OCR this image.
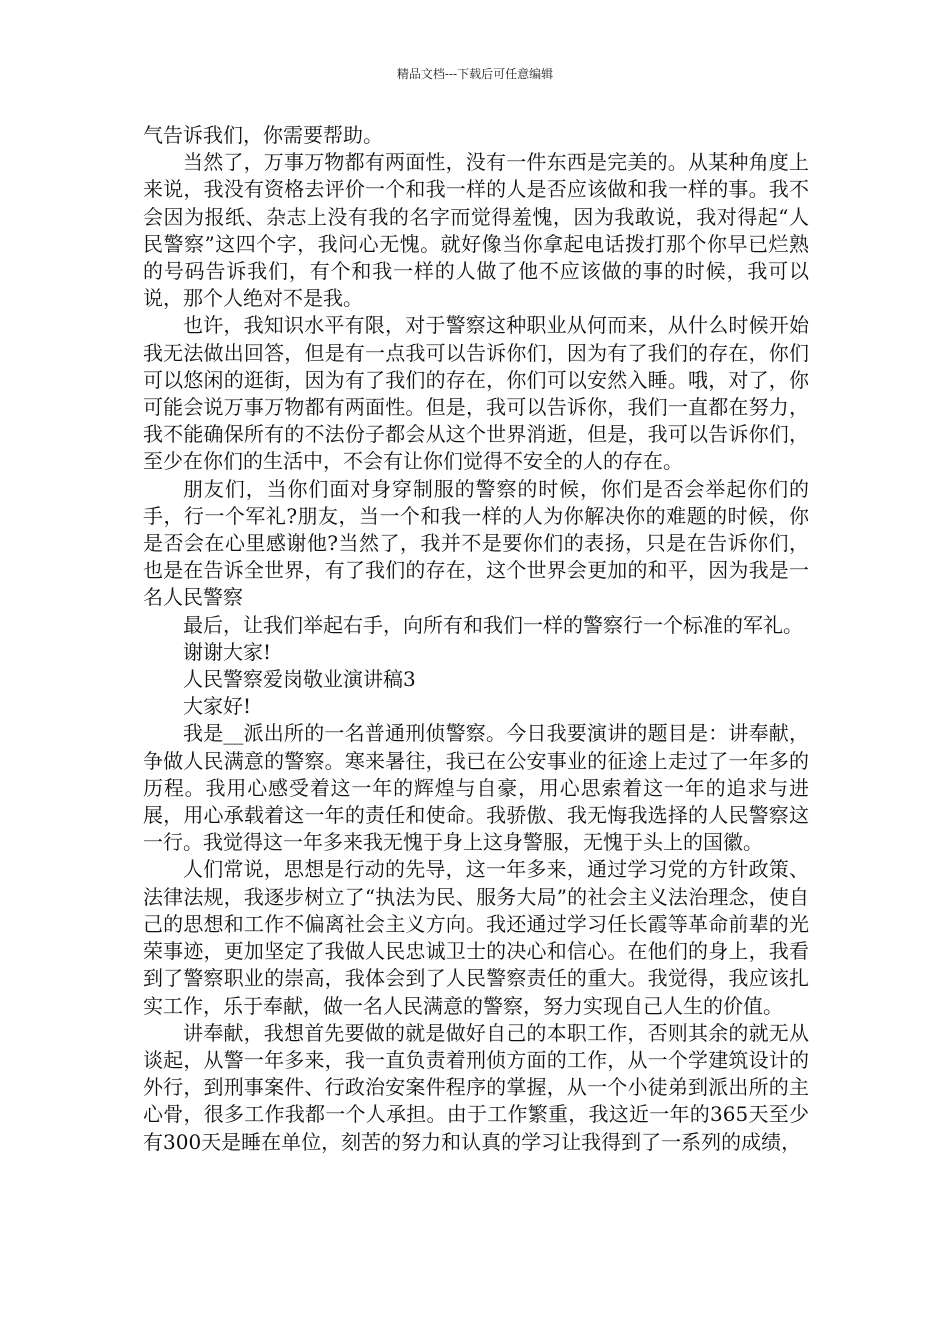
精品文档---下载后可任意编辑

气告诉我们，你需要帮助。

当然了，万事万物都有两面性，没有一件东西是完美的。从某种角度上来说，我没有资格去评价一个和我一样的人是否应该做和我一样的事。我不会因为报纸、杂志上没有我的名字而觉得羞愧，因为我敢说，我对得起“人民警察”这四个字，我问心无愧。就好像当你拿起电话拨打那个你早已烂熟的号码告诉我们，有个和我一样的人做了他不应该做的事的时候，我可以说，那个人绝对不是我。

也许，我知识水平有限，对于警察这种职业从何而来，从什么时候开始我无法做出回答，但是有一点我可以告诉你们，因为有了我们的存在，你们可以悠闲的逛街，因为有了我们的存在，你们可以安然入睡。哦，对了，你可能会说万事万物都有两面性。但是，我可以告诉你，我们一直都在努力，我不能确保所有的不法份子都会从这个世界消逝，但是，我可以告诉你们，至少在你们的生活中，不会有让你们觉得不安全的人的存在。

朋友们，当你们面对身穿制服的警察的时候，你们是否会举起你们的手，行一个军礼?朋友，当一个和我一样的人为你解决你的难题的时候，你是否会在心里感谢他?当然了，我并不是要你们的表扬，只是在告诉你们，也是在告诉全世界，有了我们的存在，这个世界会更加的和平，因为我是一名人民警察

最后，让我们举起右手，向所有和我们一样的警察行一个标准的军礼。

谢谢大家!

人民警察爱岗敬业演讲稿3

大家好!

我是__派出所的一名普通刑侦警察。今日我要演讲的题目是：讲奉献，争做人民满意的警察。寒来暑往，我已在公安事业的征途上走过了一年多的历程。我用心感受着这一年的辉煌与自豪，用心思索着这一年的追求与进展，用心承载着这一年的责任和使命。我骄傲、我无悔我选择的人民警察这一行。我觉得这一年多来我无愧于身上这身警服，无愧于头上的国徽。

人们常说，思想是行动的先导，这一年多来，通过学习党的方针政策、法律法规，我逐步树立了“执法为民、服务大局”的社会主义法治理念，使自己的思想和工作不偏离社会主义方向。我还通过学习任长霞等革命前辈的光荣事迹，更加坚定了我做人民忠诚卫士的决心和信心。在他们的身上，我看到了警察职业的崇高，我体会到了人民警察责任的重大。我觉得，我应该扎实工作，乐于奉献，做一名人民满意的警察，努力实现自己人生的价值。

讲奉献，我想首先要做的就是做好自己的本职工作，否则其余的就无从谈起，从警一年多来，我一直负责着刑侦方面的工作，从一个学建筑设计的外行，到刑事案件、行政治安案件程序的掌握，从一个小徒弟到派出所的主心骨，很多工作我都一个人承担。由于工作繁重，我这近一年的365天至少有300天是睡在单位，刻苦的努力和认真的学习让我得到了一系列的成绩，
